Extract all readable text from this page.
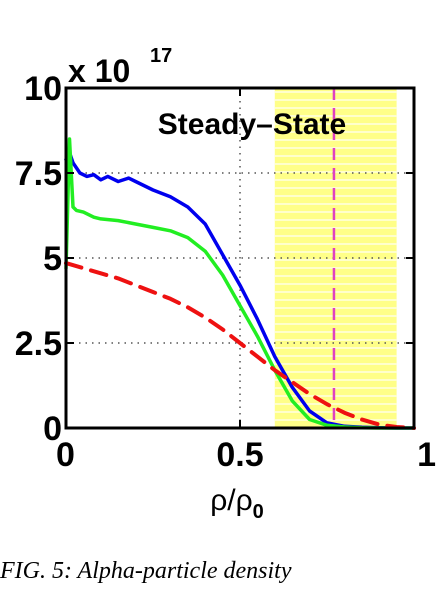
0
2.5
5
7.5
10
0	0.5	1
x 10 17
Steady–State
$\rho/\rho_0$
FIG. 5: Alpha-particle density
